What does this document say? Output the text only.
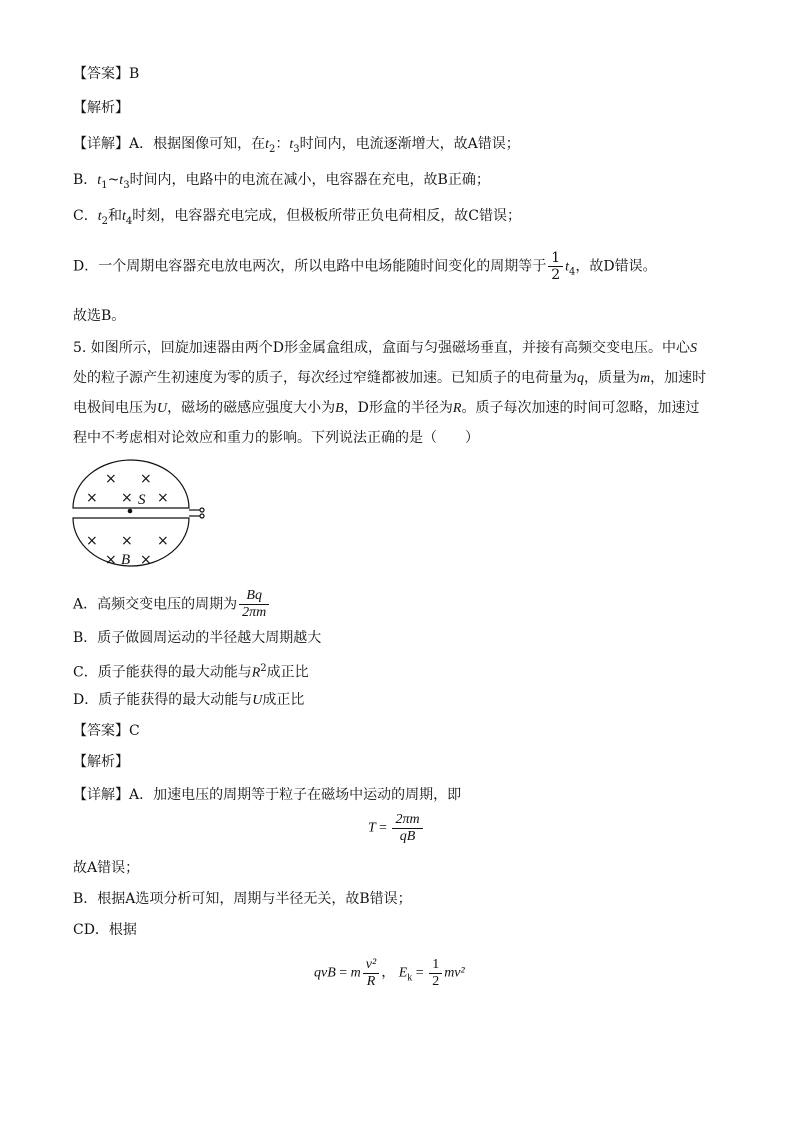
【答案】B
【解析】
【详解】A．根据图像可知，在$t_2$：$t_3$时间内，电流逐渐增大，故A错误；
B．$t_1\sim t_3$时间内，电路中的电流在减小，电容器在充电，故B正确；
C．$t_2$和$t_4$时刻，电容器充电完成，但极板所带正负电荷相反，故C错误；
D．一个周期电容器充电放电两次，所以电路中电场能随时间变化的周期等于 $\frac{1}{2} t_4$，故D错误。
故选B。
5. 如图所示，回旋加速器由两个D形金属盒组成，盒面与匀强磁场垂直，并接有高频交变电压。中心S
处的粒子源产生初速度为零的质子，每次经过窄缝都被加速。已知质子的电荷量为q，质量为m，加速时
电极间电压为U，磁场的磁感应强度大小为B，D形盒的半径为R。质子每次加速的时间可忽略，加速过
程中不考虑相对论效应和重力的影响。下列说法正确的是（　　）
× ×
× × ×
× × ×
× ×
S
B
A．高频交变电压的周期为 $\frac{Bq}{2\pi m}$
B．质子做圆周运动的半径越大周期越大
C．质子能获得的最大动能与$R^2$成正比
D．质子能获得的最大动能与U成正比
【答案】C
【解析】
【详解】A．加速电压的周期等于粒子在磁场中运动的周期，即
$T = \frac{2\pi m}{qB}$
故A错误；
B．根据A选项分析可知，周期与半径无关，故B错误；
CD．根据
qvB = m $\frac{\text{v²}}{R}$ ， $E_k = \frac{1}{2} mv^2$
